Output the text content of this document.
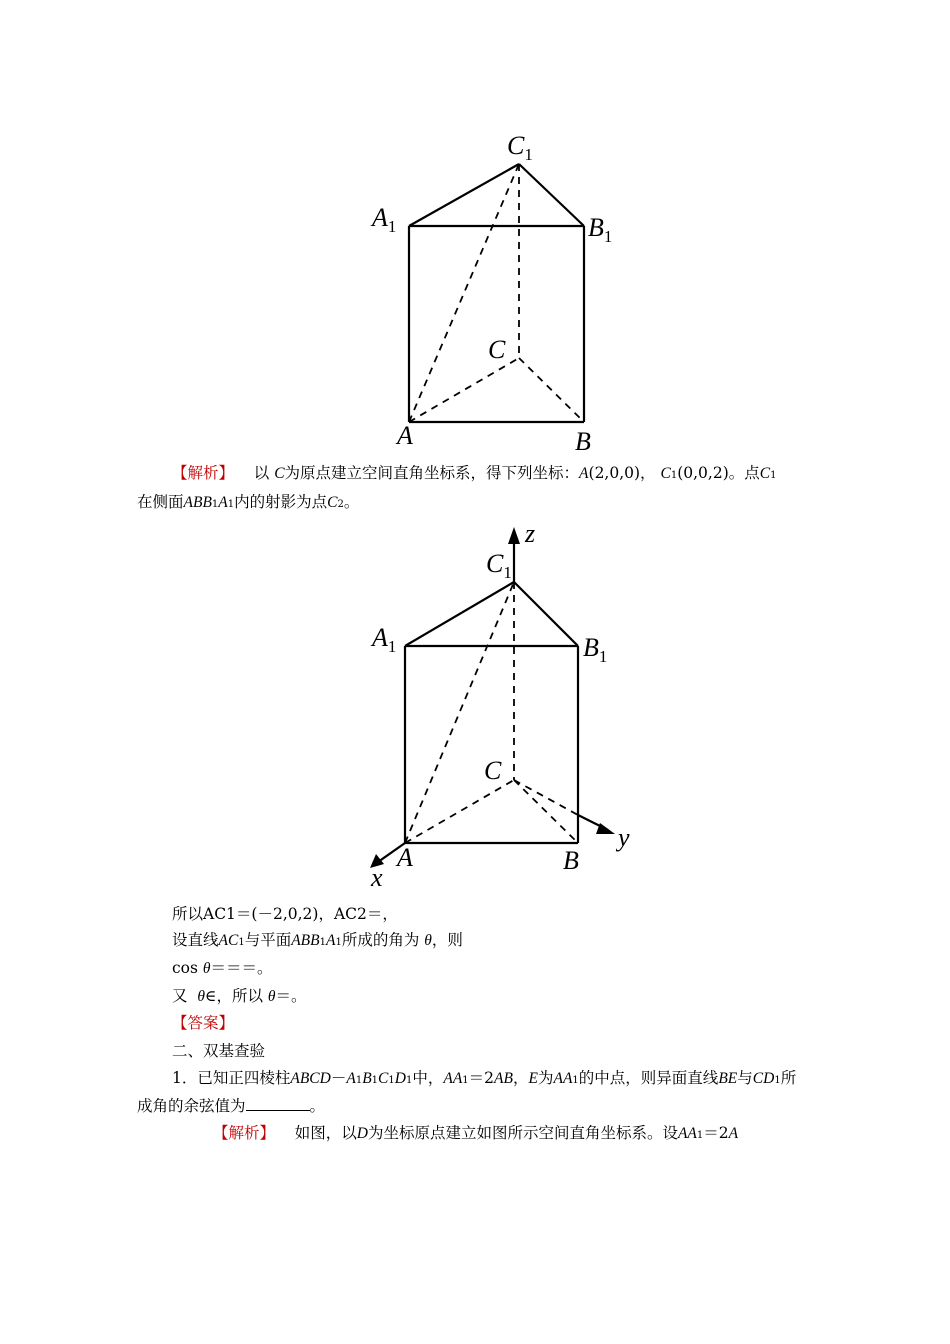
$C_1$
$A_1$	$B_1$
C
A	B
【解析】 以 C为原点建立空间直角坐标系，得下列坐标：A(2,0,0)， C1(0,0,2)。点C1
在侧面ABB1A1内的射影为点C2。
z
$C_1$
$A_1$	$B_1$
C
A	B
x
y
所以AC1＝(－2,0,2)，AC2＝，
设直线AC1与平面ABB1A1所成的角为 θ，则
cos θ＝＝＝。
又 θ∈，所以 θ＝。
【答案】
二、双基查验
1．已知正四棱柱ABCD－A1B1C1D1中，AA1＝2AB，E为AA1的中点，则异面直线BE与CD1所
成角的余弦值为	。
【解析】 如图，以D为坐标原点建立如图所示空间直角坐标系。设AA1＝2A
